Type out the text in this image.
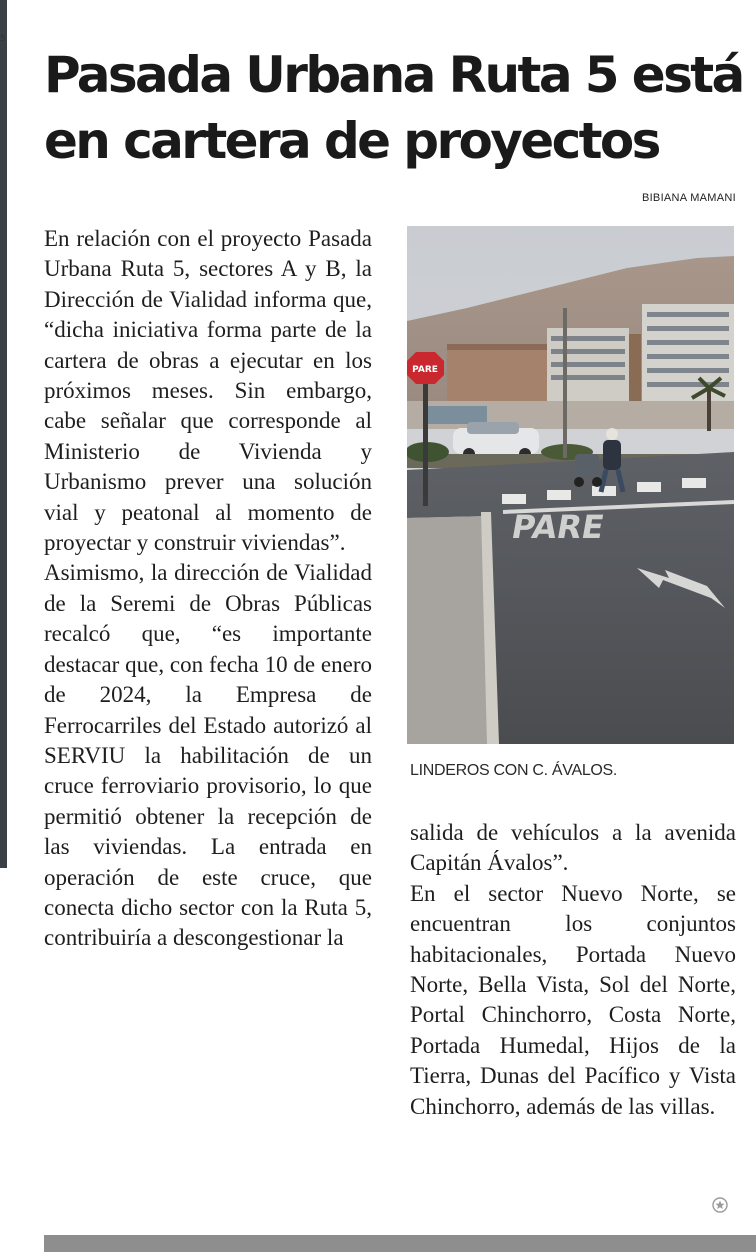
5
Pasada Urbana Ruta 5 está
en cartera de proyectos
BIBIANA MAMANI

En relación con el proyecto Pasada Urbana Ruta 5, sectores A y B, la Dirección de Vialidad informa que, “dicha iniciativa forma parte de la cartera de obras a ejecutar en los próximos meses. Sin embargo, cabe señalar que corresponde al Ministerio de Vivienda y Urbanismo prever una solución vial y peatonal al momento de proyectar y construir viviendas”.

Asimismo, la dirección de Vialidad de la Seremi de Obras Públicas recalcó que, “es importante destacar que, con fecha 10 de enero de 2024, la Empresa de Ferrocarriles del Estado autorizó al SERVIU la habilitación de un cruce ferroviario provisorio, lo que permitió obtener la recepción de las viviendas. La entrada en operación de este cruce, que conecta dicho sector con la Ruta 5, contribuiría a descongestionar la

PARE
PARE
LINDEROS CON C. ÁVALOS.

salida de vehículos a la avenida Capitán Ávalos”.

En el sector Nuevo Norte, se encuentran los conjuntos habitacionales, Portada Nuevo Norte, Bella Vista, Sol del Norte, Portal Chinchorro, Costa Norte, Portada Humedal, Hijos de la Tierra, Dunas del Pacífico y Vista Chinchorro, además de las villas.
